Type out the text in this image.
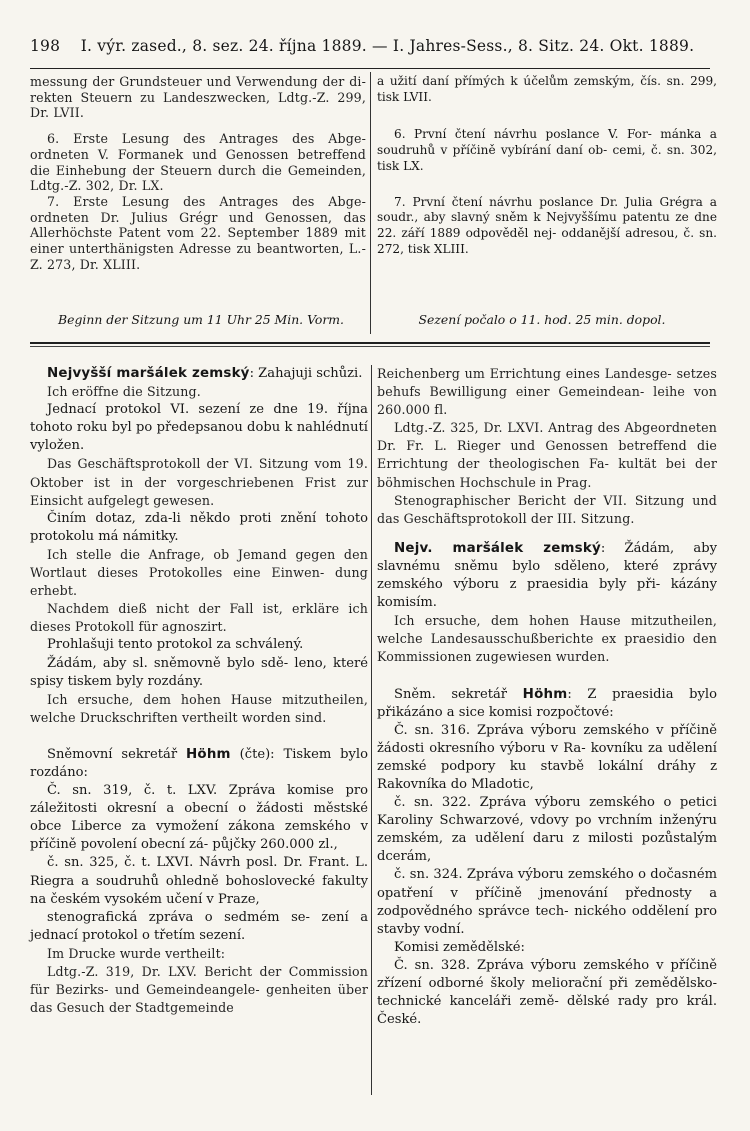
198 I. výr. zased., 8. sez. 24. října 1889. — I. Jahres-Sess., 8. Sitz. 24. Okt. 1889.

messung der Grundsteuer und Verwendung der di- rekten Steuern zu Landeszwecken, Ldtg.-Z. 299, Dr. LVII.

6. Erste Lesung des Antrages des Abge- ordneten V. Formanek und Genossen betreffend die Einhebung der Steuern durch die Gemeinden, Ldtg.-Z. 302, Dr. LX.

7. Erste Lesung des Antrages des Abge- ordneten Dr. Julius Grégr und Genossen, das Allerhöchste Patent vom 22. September 1889 mit einer unterthänigsten Adresse zu beantworten, L.- Z. 273, Dr. XLIII.

a užití daní přímých k účelům zemským, čís. sn. 299, tisk LVII.

6. První čtení návrhu poslance V. For- mánka a soudruhů v příčině vybírání daní ob- cemi, č. sn. 302, tisk LX.

7. První čtení návrhu poslance Dr. Julia Grégra a soudr., aby slavný sněm k Nejvyššímu patentu ze dne 22. září 1889 odpověděl nej- oddanější adresou, č. sn. 272, tisk XLIII.

Beginn der Sitzung um 11 Uhr 25 Min. Vorm.	Sezení počalo o 11. hod. 25 min. dopol.

Nejvyšší maršálek zemský: Zahajuji schůzi.

Ich eröffne die Sitzung.

Jednací protokol VI. sezení ze dne 19. října tohoto roku byl po předepsanou dobu k nahlédnutí vyložen.

Das Geschäftsprotokoll der VI. Sitzung vom 19. Oktober ist in der vorgeschriebenen Frist zur Einsicht aufgelegt gewesen.

Činím dotaz, zda-li někdo proti znění tohoto protokolu má námitky.

Ich stelle die Anfrage, ob Jemand gegen den Wortlaut dieses Protokolles eine Einwen- dung erhebt.

Nachdem dieß nicht der Fall ist, erkläre ich dieses Protokoll für agnoszirt.

Prohlašuji tento protokol za schválený.

Žádám, aby sl. sněmovně bylo sdě- leno, které spisy tiskem byly rozdány.

Ich ersuche, dem hohen Hause mitzutheilen, welche Druckschriften vertheilt worden sind.

Sněmovní sekretář Höhm (čte): Tiskem bylo rozdáno:

Č. sn. 319, č. t. LXV. Zpráva komise pro záležitosti okresní a obecní o žádosti městské obce Liberce za vymožení zákona zemského v příčině povolení obecní zá- půjčky 260.000 zl.,

č. sn. 325, č. t. LXVI. Návrh posl. Dr. Frant. L. Riegra a soudruhů ohledně bohoslovecké fakulty na českém vysokém učení v Praze,

stenografická zpráva o sedmém se- zení a jednací protokol o třetím sezení.

Im Drucke wurde vertheilt:

Ldtg.-Z. 319, Dr. LXV. Bericht der Commission für Bezirks- und Gemeindeangele- genheiten über das Gesuch der Stadtgemeinde

Reichenberg um Errichtung eines Landesge- setzes behufs Bewilligung einer Gemeindean- leihe von 260.000 fl.

Ldtg.-Z. 325, Dr. LXVI. Antrag des Abgeordneten Dr. Fr. L. Rieger und Genossen betreffend die Errichtung der theologischen Fa- kultät bei der böhmischen Hochschule in Prag.

Stenographischer Bericht der VII. Sitzung und das Geschäftsprotokoll der III. Sitzung.

Nejv. maršálek zemský: Žádám, aby slavnému sněmu bylo sděleno, které zprávy zemského výboru z praesidia byly při- kázány komisím.

Ich ersuche, dem hohen Hause mitzutheilen, welche Landesausschußberichte ex praesidio den Kommissionen zugewiesen wurden.

Sněm. sekretář Höhm: Z praesidia bylo přikázáno a sice komisi rozpočtové:

Č. sn. 316. Zpráva výboru zemského v příčině žádosti okresního výboru v Ra- kovníku za udělení zemské podpory ku stavbě lokální dráhy z Rakovníka do Mladotic,

č. sn. 322. Zpráva výboru zemského o petici Karoliny Schwarzové, vdovy po vrchním inženýru zemském, za udělení daru z milosti pozůstalým dcerám,

č. sn. 324. Zpráva výboru zemského o dočasném opatření v příčině jmenování přednosty a zodpovědného správce tech- nického oddělení pro stavby vodní.

Komisi zemědělské:

Č. sn. 328. Zpráva výboru zemského v příčině zřízení odborné školy meliorační při zemědělsko-technické kanceláři země- dělské rady pro král. České.
